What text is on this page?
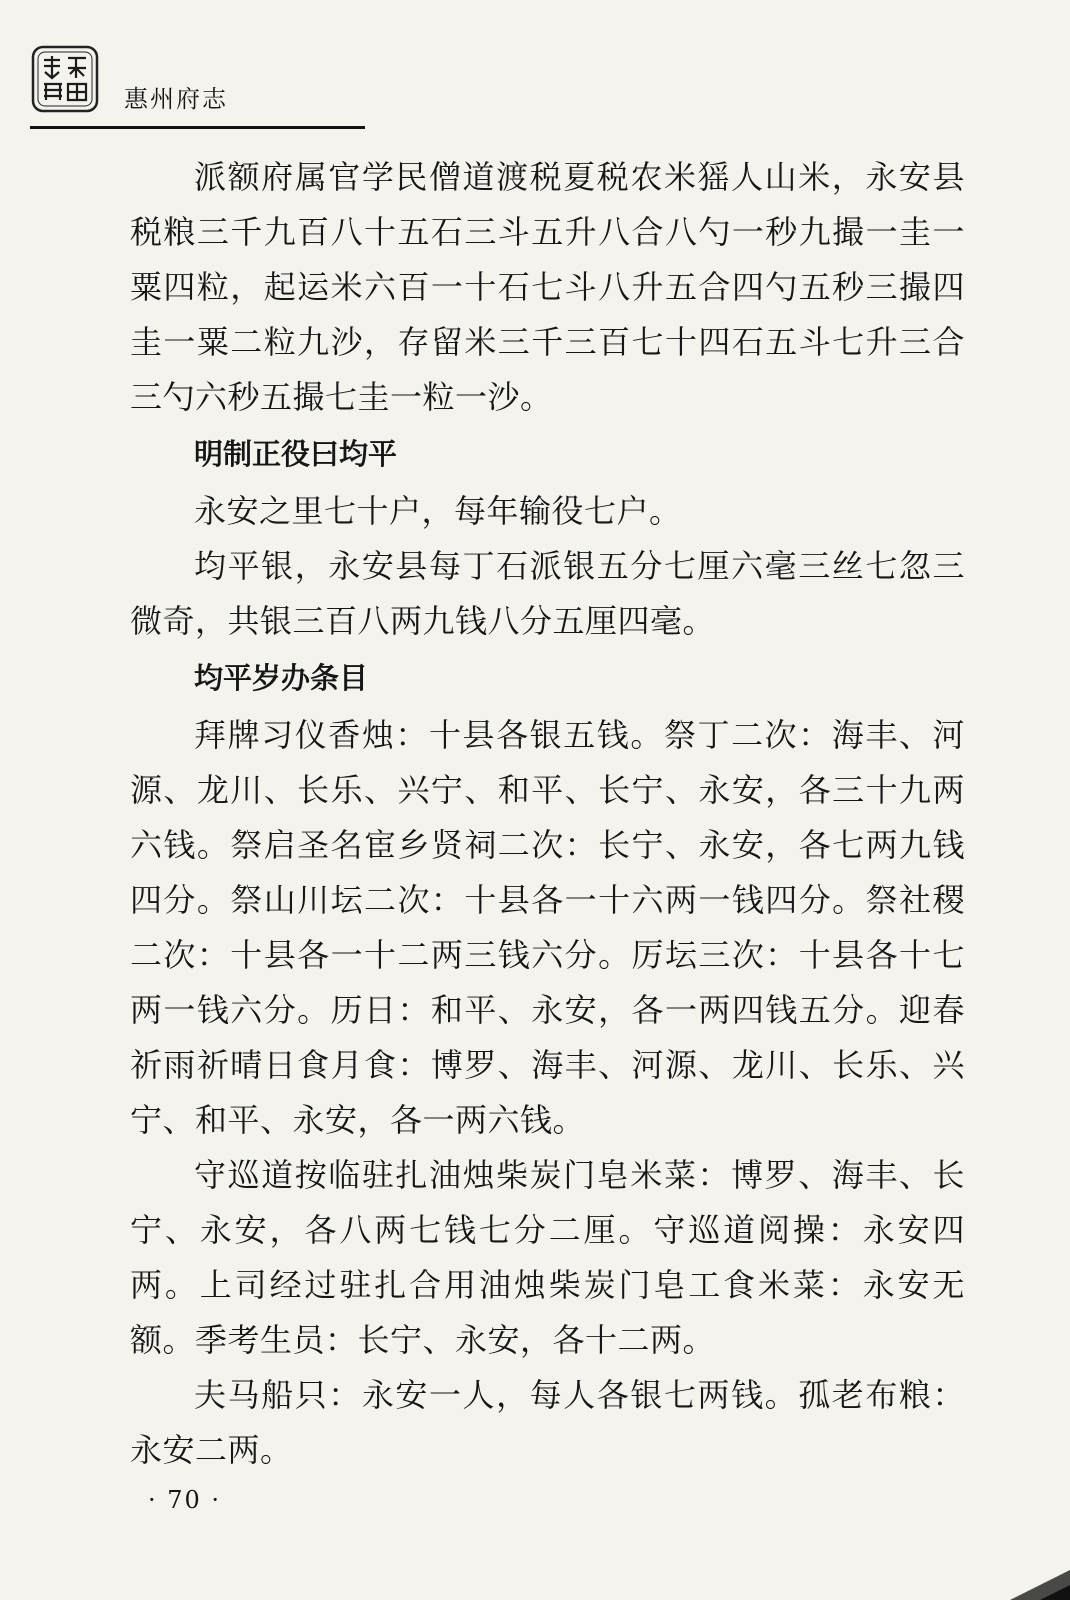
惠州府志

派额府属官学民僧道渡税夏税农米猺人山米，永安县税粮三千九百八十五石三斗五升八合八勺一秒九撮一圭一粟四粒，起运米六百一十石七斗八升五合四勺五秒三撮四圭一粟二粒九沙，存留米三千三百七十四石五斗七升三合三勺六秒五撮七圭一粒一沙。

明制正役曰均平

永安之里七十户，每年输役七户。

均平银，永安县每丁石派银五分七厘六毫三丝七忽三微奇，共银三百八两九钱八分五厘四毫。

均平岁办条目

拜牌习仪香烛：十县各银五钱。祭丁二次：海丰、河源、龙川、长乐、兴宁、和平、长宁、永安，各三十九两六钱。祭启圣名宦乡贤祠二次：长宁、永安，各七两九钱四分。祭山川坛二次：十县各一十六两一钱四分。祭社稷二次：十县各一十二两三钱六分。厉坛三次：十县各十七两一钱六分。历日：和平、永安，各一两四钱五分。迎春祈雨祈晴日食月食：博罗、海丰、河源、龙川、长乐、兴宁、和平、永安，各一两六钱。

守巡道按临驻扎油烛柴炭门皂米菜：博罗、海丰、长宁、永安，各八两七钱七分二厘。守巡道阅操：永安四两。上司经过驻扎合用油烛柴炭门皂工食米菜：永安无额。季考生员：长宁、永安，各十二两。

夫马船只：永安一人，每人各银七两钱。孤老布粮：永安二两。

· 70 ·
